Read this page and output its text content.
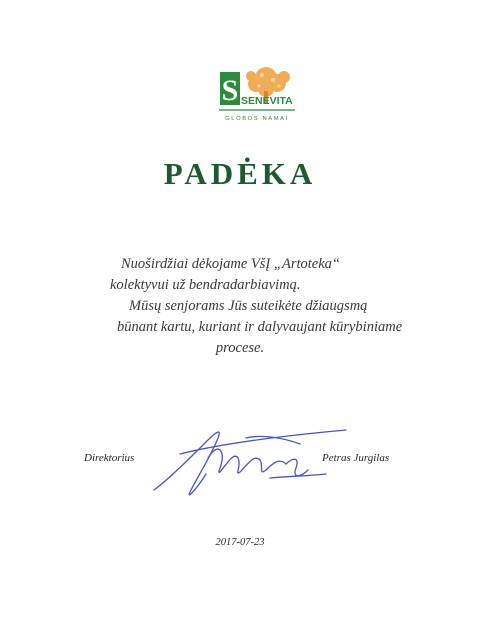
S SENEVITA
GLOBOS NAMAI
PADĖKA
Nuoširdžiai dėkojame VšĮ „Artoteka“
kolektyvui už bendradarbiavimą.
Mūsų senjorams Jūs suteikėte džiaugsmą
būnant kartu, kuriant ir dalyvaujant kūrybiniame
procese.
Direktorius	Petras Jurgilas
2017-07-23
